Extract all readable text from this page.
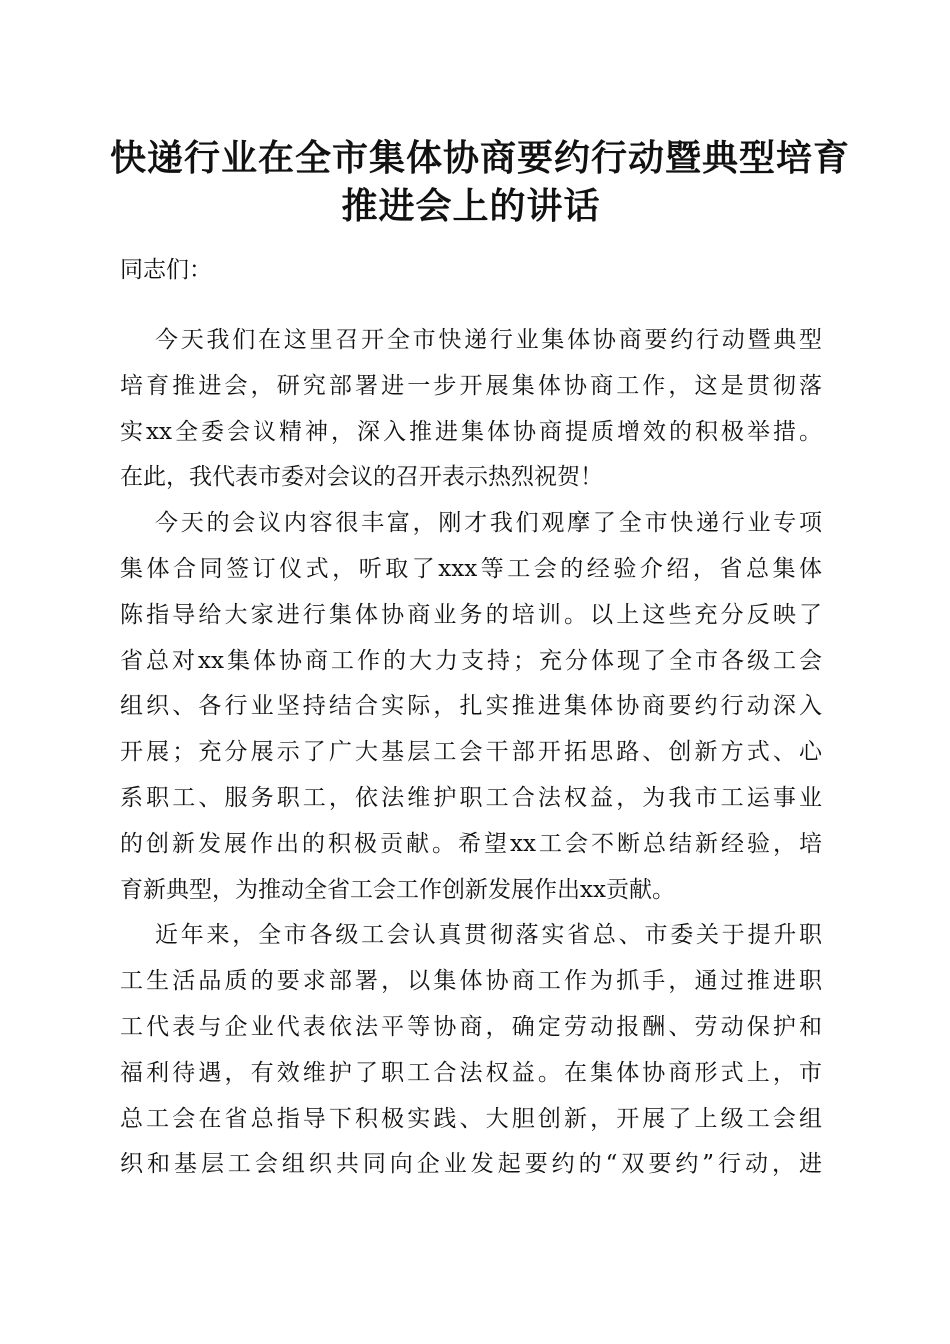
快递行业在全市集体协商要约行动暨典型培育
推进会上的讲话
同志们：
今天我们在这里召开全市快递行业集体协商要约行动暨典型
培育推进会，研究部署进一步开展集体协商工作，这是贯彻落
实xx全委会议精神，深入推进集体协商提质增效的积极举措。
在此，我代表市委对会议的召开表示热烈祝贺！
今天的会议内容很丰富，刚才我们观摩了全市快递行业专项
集体合同签订仪式，听取了xxx等工会的经验介绍，省总集体
陈指导给大家进行集体协商业务的培训。以上这些充分反映了
省总对xx集体协商工作的大力支持；充分体现了全市各级工会
组织、各行业坚持结合实际，扎实推进集体协商要约行动深入
开展；充分展示了广大基层工会干部开拓思路、创新方式、心
系职工、服务职工，依法维护职工合法权益，为我市工运事业
的创新发展作出的积极贡献。希望xx工会不断总结新经验，培
育新典型，为推动全省工会工作创新发展作出xx贡献。
近年来，全市各级工会认真贯彻落实省总、市委关于提升职
工生活品质的要求部署，以集体协商工作为抓手，通过推进职
工代表与企业代表依法平等协商，确定劳动报酬、劳动保护和
福利待遇，有效维护了职工合法权益。在集体协商形式上，市
总工会在省总指导下积极实践、大胆创新，开展了上级工会组
织和基层工会组织共同向企业发起要约的“双要约”行动，进
